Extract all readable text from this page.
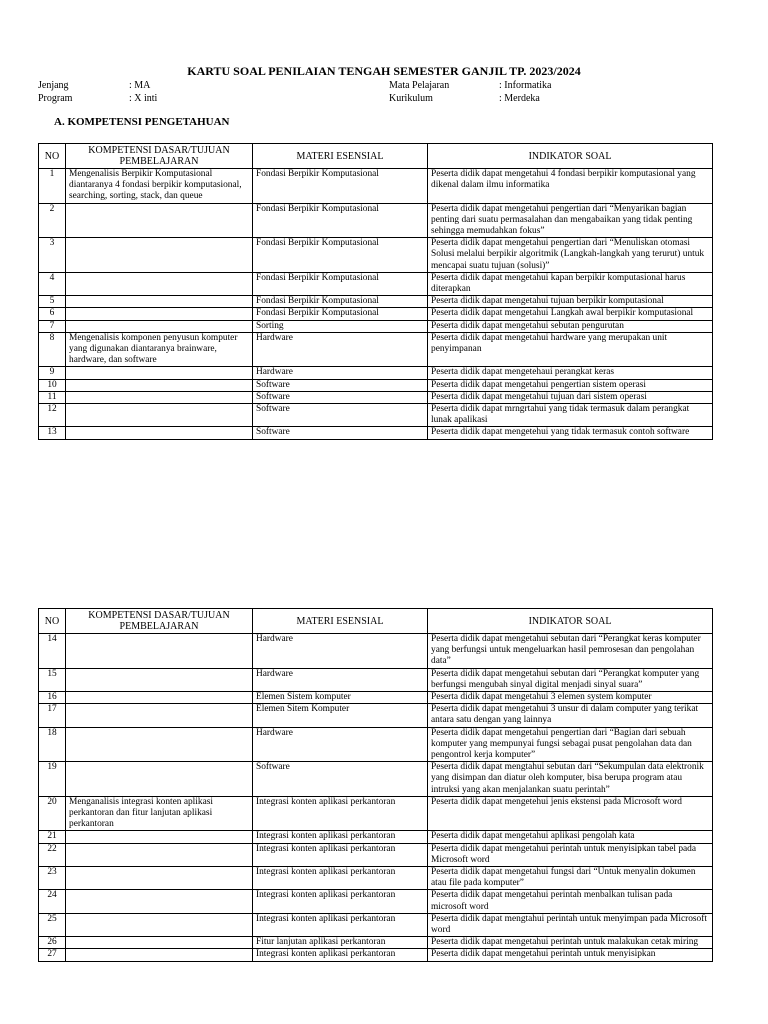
KARTU SOAL PENILAIAN TENGAH SEMESTER GANJIL TP. 2023/2024
Jenjang	: MA
Program	: X inti
Mata Pelajaran	: Informatika
Kurikulum	: Merdeka
A. KOMPETENSI PENGETAHUAN
NO	KOMPETENSI DASAR/TUJUAN PEMBELAJARAN	MATERI ESENSIAL	INDIKATOR SOAL
1	Mengenalisis Berpikir Komputasional diantaranya 4 fondasi berpikir komputasional, searching, sorting, stack, dan queue	Fondasi Berpikir Komputasional	Peserta didik dapat mengetahui 4 fondasi berpikir komputasional yang dikenal dalam ilmu informatika
2		Fondasi Berpikir Komputasional	Peserta didik dapat mengetahui pengertian dari “Menyarikan bagian penting dari suatu permasalahan dan mengabaikan yang tidak penting sehingga memudahkan fokus”
3		Fondasi Berpikir Komputasional	Peserta didik dapat mengetahui pengertian dari “Menuliskan otomasi Solusi melalui berpikir algoritmik (Langkah-langkah yang terurut) untuk mencapai suatu tujuan (solusi)”
4		Fondasi Berpikir Komputasional	Peserta didik dapat mengetahui kapan berpikir komputasional harus diterapkan
5		Fondasi Berpikir Komputasional	Peserta didik dapat mengetahui tujuan berpikir komputasional
6		Fondasi Berpikir Komputasional	Peserta didik dapat mengetahui Langkah awal berpikir komputasional
7		Sorting	Peserta didik dapat mengetahui sebutan pengurutan
8	Mengenalisis komponen penyusun komputer yang digunakan diantaranya brainware, hardware, dan software	Hardware	Peserta didik dapat mengetahui hardware yang merupakan unit penyimpanan
9		Hardware	Peserta didik dapat mengetehaui perangkat keras
10		Software	Peserta didik dapat mengetahui pengertian sistem operasi
11		Software	Peserta didik dapat mengetahui tujuan dari sistem operasi
12		Software	Peserta didik dapat mrngrtahui yang tidak termasuk dalam perangkat lunak apalikasi
13		Software	Peserta didik dapat mengetehui yang tidak termasuk contoh software
NO	KOMPETENSI DASAR/TUJUAN PEMBELAJARAN	MATERI ESENSIAL	INDIKATOR SOAL
14		Hardware	Peserta didik dapat mengetahui sebutan dari “Perangkat keras komputer yang berfungsi untuk mengeluarkan hasil pemrosesan dan pengolahan data”
15		Hardware	Peserta didik dapat mengetahui sebutan dari “Perangkat komputer yang berfungsi mengubah sinyal digital menjadi sinyal suara”
16		Elemen Sistem komputer	Peserta didik dapat mengetahui 3 elemen system komputer
17		Elemen Sitem Komputer	Peserta didik dapat mengetahui 3 unsur di dalam computer yang terikat antara satu dengan yang lainnya
18		Hardware	Peserta didik dapat mengetahui pengertian dari “Bagian dari sebuah komputer yang mempunyai fungsi sebagai pusat pengolahan data dan pengontrol kerja komputer”
19		Software	Peserta didik dapat mengtahui sebutan dari “Sekumpulan data elektronik yang disimpan dan diatur oleh komputer, bisa berupa program atau intruksi yang akan menjalankan suatu perintah”
20	Menganalisis integrasi konten aplikasi perkantoran dan fitur lanjutan aplikasi perkantoran	Integrasi konten aplikasi perkantoran	Peserta didik dapat mengetehui jenis ekstensi pada Microsoft word
21		Integrasi konten aplikasi perkantoran	Peserta didik dapat mengetahui aplikasi pengolah kata
22		Integrasi konten aplikasi perkantoran	Peserta didik dapat mengetahui perintah untuk menyisipkan tabel pada Microsoft word
23		Integrasi konten aplikasi perkantoran	Peserta didik dapat mengetahui fungsi dari “Untuk menyalin dokumen atau file pada komputer”
24		Integrasi konten aplikasi perkantoran	Peserta didik dapat mengetahui perintah menbalkan tulisan pada microsoft word
25		Integrasi konten aplikasi perkantoran	Peserta didik dapat mengtahui perintah untuk menyimpan pada Microsoft word
26		Fitur lanjutan aplikasi perkantoran	Peserta didik dapat mengetahui perintah untuk malakukan cetak miring
27		Integrasi konten aplikasi perkantoran	Peserta didik dapat mengetahui perintah untuk menyisipkan
